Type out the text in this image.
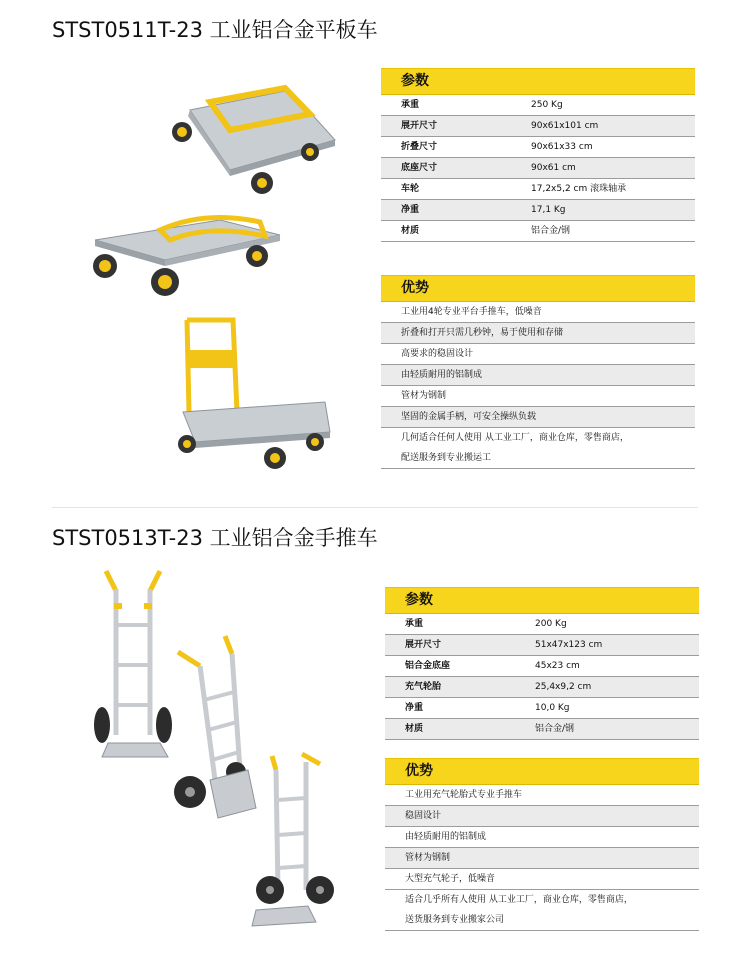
STST0511T-23 工业铝合金平板车
参数
承重	250 Kg
展开尺寸	90x61x101 cm
折叠尺寸	90x61x33 cm
底座尺寸	90x61 cm
车轮	17,2x5,2 cm 滚珠轴承
净重	17,1 Kg
材质	铝合金/钢
优势
工业用4轮专业平台手推车，低噪音
折叠和打开只需几秒钟，易于使用和存储
高要求的稳固设计
由轻质耐用的铝制成
管材为钢制
坚固的金属手柄，可安全操纵负载
几何适合任何人使用 从工业工厂，商业仓库，零售商店，
配送服务到专业搬运工
STST0513T-23 工业铝合金手推车
参数
承重	200 Kg
展开尺寸	51x47x123 cm
铝合金底座	45x23 cm
充气轮胎	25,4x9,2 cm
净重	10,0 Kg
材质	铝合金/钢
优势
工业用充气轮胎式专业手推车
稳固设计
由轻质耐用的铝制成
管材为钢制
大型充气轮子，低噪音
适合几乎所有人使用 从工业工厂，商业仓库，零售商店，
送货服务到专业搬家公司
